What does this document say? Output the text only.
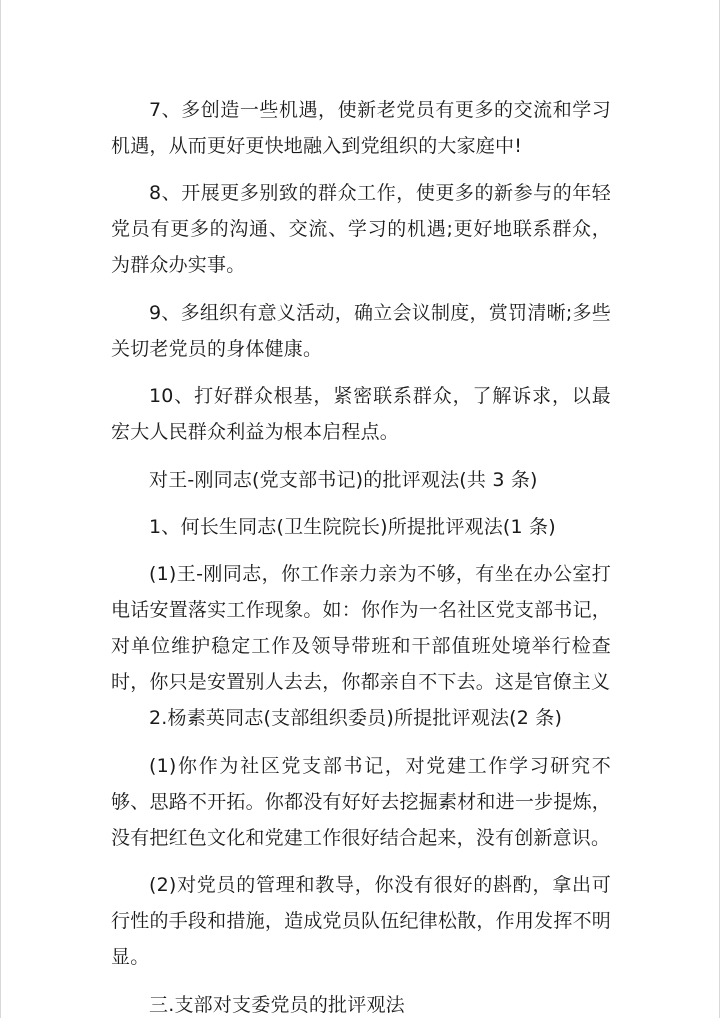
7、多创造一些机遇，使新老党员有更多的交流和学习机遇，从而更好更快地融入到党组织的大家庭中!

8、开展更多别致的群众工作，使更多的新参与的年轻党员有更多的沟通、交流、学习的机遇;更好地联系群众，为群众办实事。

9、多组织有意义活动，确立会议制度，赏罚清晰;多些关切老党员的身体健康。

10、打好群众根基，紧密联系群众，了解诉求，以最宏大人民群众利益为根本启程点。

对王-刚同志(党支部书记)的批评观法(共 3 条)

1、何长生同志(卫生院院长)所提批评观法(1 条)

(1)王-刚同志，你工作亲力亲为不够，有坐在办公室打电话安置落实工作现象。如：你作为一名社区党支部书记，对单位维护稳定工作及领导带班和干部值班处境举行检查时，你只是安置别人去去，你都亲自不下去。这是官僚主义

2.杨素英同志(支部组织委员)所提批评观法(2 条)

(1)你作为社区党支部书记，对党建工作学习研究不够、思路不开拓。你都没有好好去挖掘素材和进一步提炼，没有把红色文化和党建工作很好结合起来，没有创新意识。

(2)对党员的管理和教导，你没有很好的斟酌，拿出可行性的手段和措施，造成党员队伍纪律松散，作用发挥不明显。

三.支部对支委党员的批评观法
